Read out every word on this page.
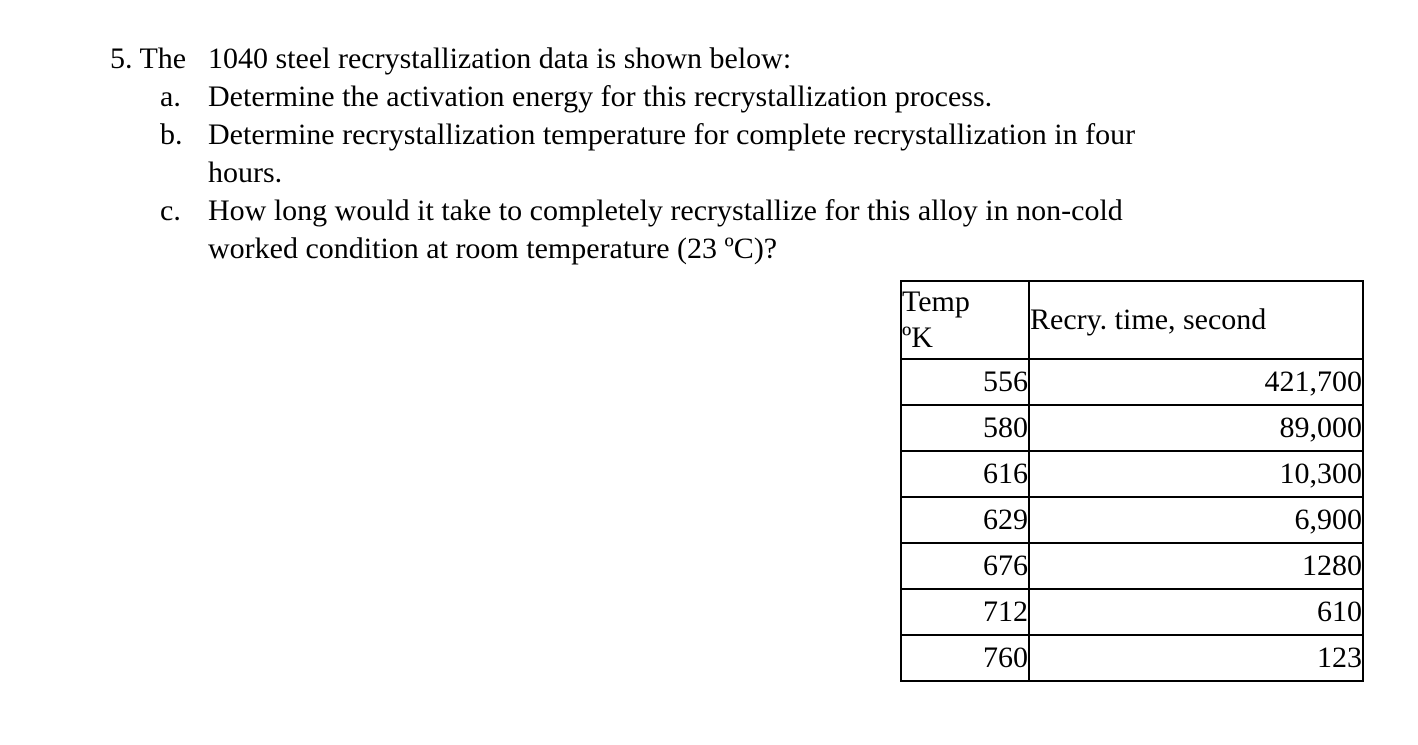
5. The 1040 steel recrystallization data is shown below:
a. Determine the activation energy for this recrystallization process.
b. Determine recrystallization temperature for complete recrystallization in four hours.
c. How long would it take to completely recrystallize for this alloy in non-cold worked condition at room temperature (23 ºC)?
Temp
ºK	Recry. time, second
556	421,700
580	89,000
616	10,300
629	6,900
676	1280
712	610
760	123
